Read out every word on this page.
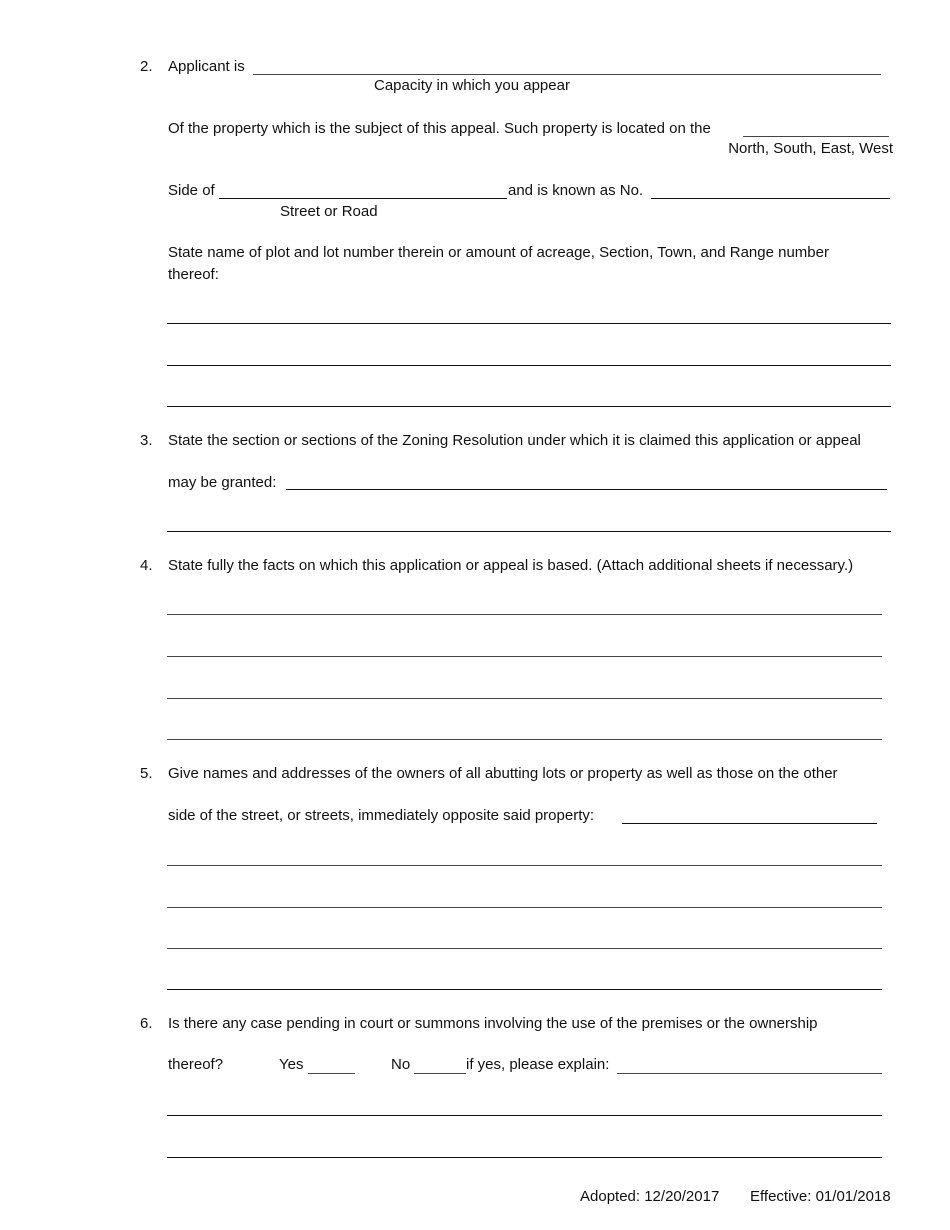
2. Applicant is
Capacity in which you appear
Of the property which is the subject of this appeal. Such property is located on the
North, South, East, West
Side of	and is known as No.
Street or Road
State name of plot and lot number therein or amount of acreage, Section, Town, and Range number
thereof:
3. State the section or sections of the Zoning Resolution under which it is claimed this application or appeal
may be granted:
4. State fully the facts on which this application or appeal is based. (Attach additional sheets if necessary.)
5. Give names and addresses of the owners of all abutting lots or property as well as those on the other
side of the street, or streets, immediately opposite said property:
6. Is there any case pending in court or summons involving the use of the premises or the ownership
thereof?	Yes	No	if yes, please explain:
Adopted: 12/20/2017 Effective: 01/01/2018
